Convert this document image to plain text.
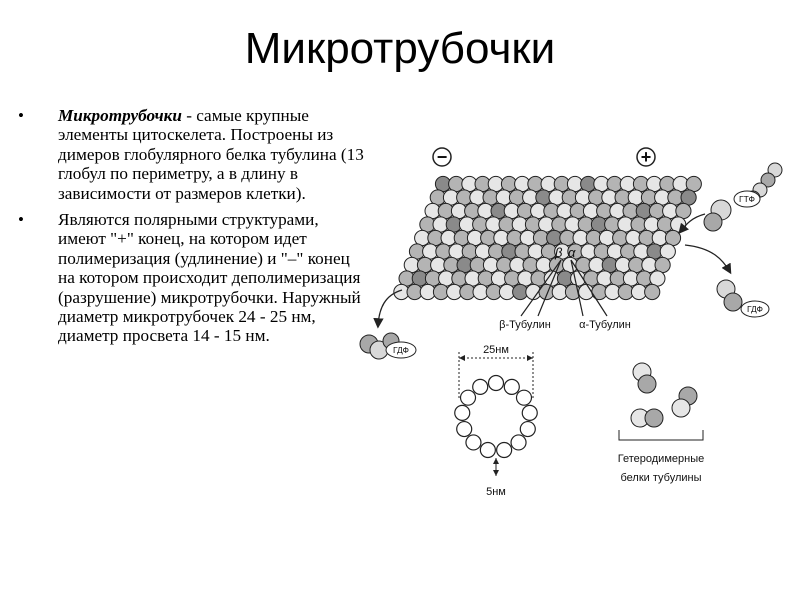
Микротрубочки
• Микротрубочки - самые крупные элементы цитоскелета. Построены из димеров глобулярного белка тубулина (13 глобул по периметру, а в длину в зависимости от размеров клетки).
• Являются полярными структурами, имеют "+" конец, на котором идет полимеризация (удлинение) и "–" конец на котором происходит деполимеризация (разрушение) микротрубочки. Наружный диаметр микротрубочек 24 - 25 нм, диаметр просвета 14 - 15 нм.
−	+
ГТФ
ГДФ
ГДФ
β α
β-Тубулин	α-Тубулин
25нм
5нм
Гетеродимерные
белки тубулины
